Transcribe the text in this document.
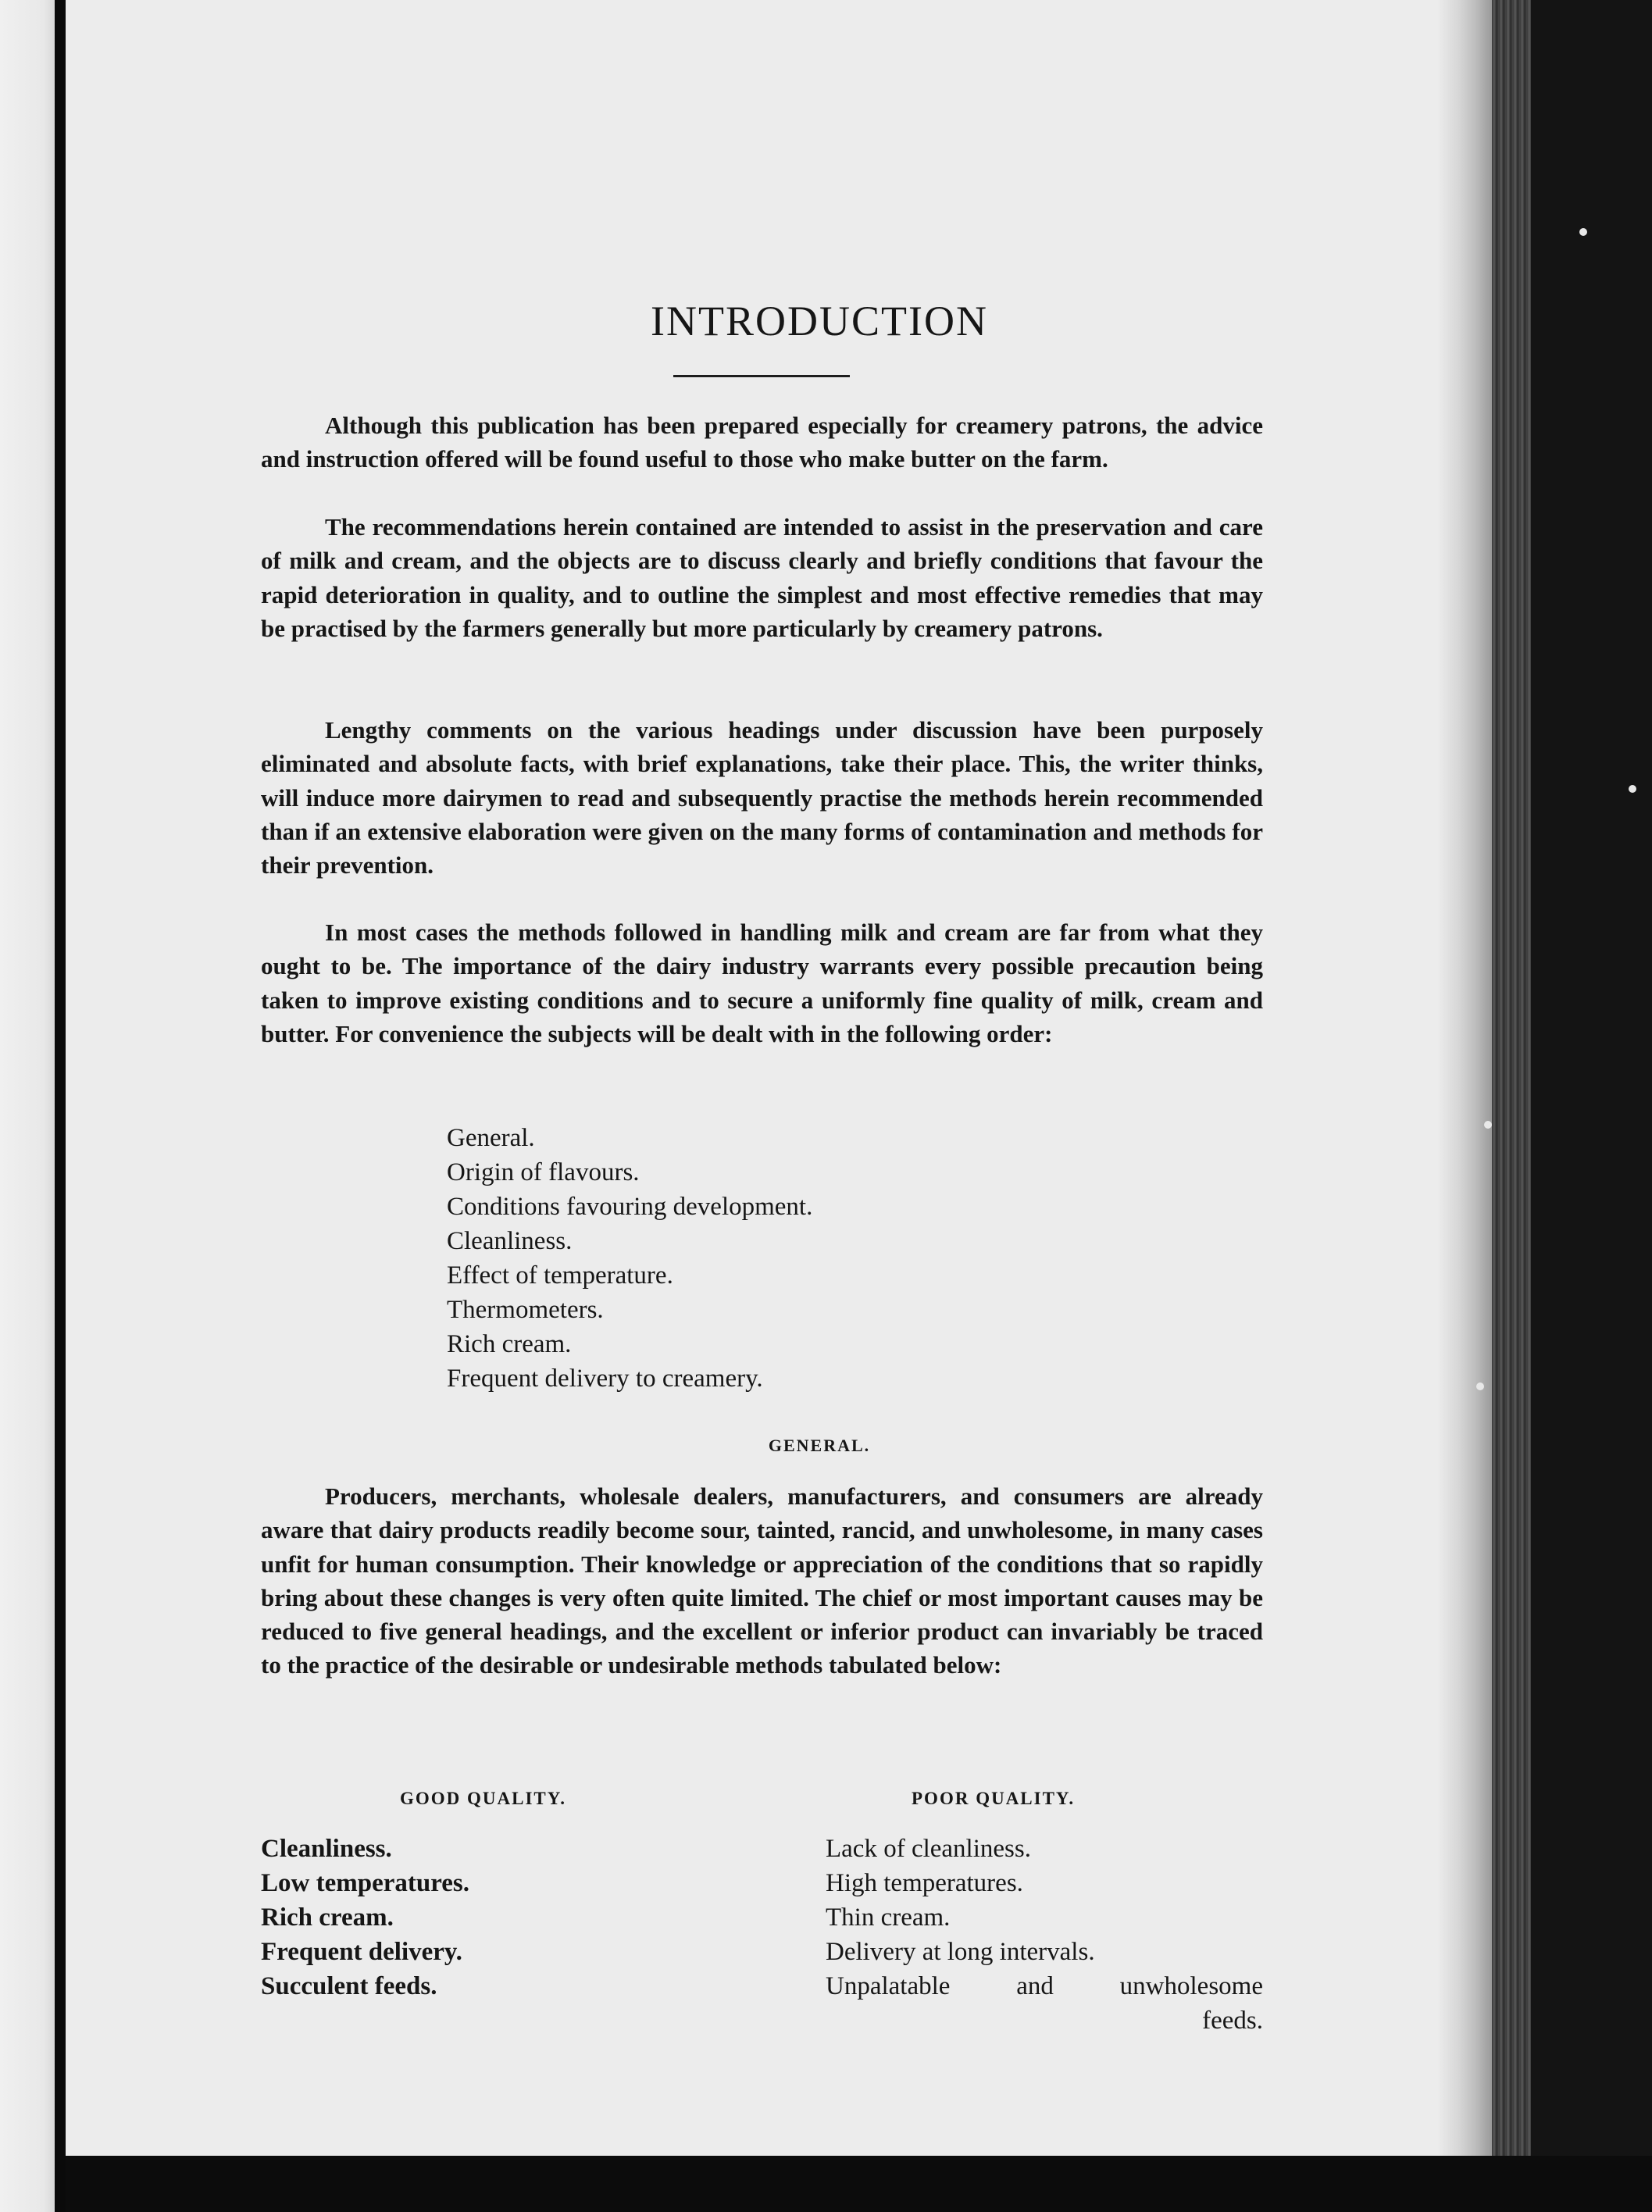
INTRODUCTION

Although this publication has been prepared especially for creamery patrons, the advice and instruction offered will be found useful to those who make butter on the farm.

The recommendations herein contained are intended to assist in the preservation and care of milk and cream, and the objects are to discuss clearly and briefly conditions that favour the rapid deterioration in quality, and to outline the simplest and most effective remedies that may be practised by the farmers generally but more particularly by creamery patrons.

Lengthy comments on the various headings under discussion have been purposely eliminated and absolute facts, with brief explanations, take their place. This, the writer thinks, will induce more dairymen to read and subsequently practise the methods herein recommended than if an extensive elaboration were given on the many forms of contamination and methods for their prevention.

In most cases the methods followed in handling milk and cream are far from what they ought to be. The importance of the dairy industry warrants every possible precaution being taken to improve existing conditions and to secure a uniformly fine quality of milk, cream and butter. For convenience the subjects will be dealt with in the following order:

General.
Origin of flavours.
Conditions favouring development.
Cleanliness.
Effect of temperature.
Thermometers.
Rich cream.
Frequent delivery to creamery.
GENERAL.

Producers, merchants, wholesale dealers, manufacturers, and consumers are already aware that dairy products readily become sour, tainted, rancid, and unwholesome, in many cases unfit for human consumption. Their knowledge or appreciation of the conditions that so rapidly bring about these changes is very often quite limited. The chief or most important causes may be reduced to five general headings, and the excellent or inferior product can invariably be traced to the practice of the desirable or undesirable methods tabulated below:

GOOD QUALITY.	POOR QUALITY.

Cleanliness.
Low temperatures.
Rich cream.
Frequent delivery.
Succulent feeds.
Lack of cleanliness.
High temperatures.
Thin cream.
Delivery at long intervals.
Unpalatable and unwholesome

feeds.
